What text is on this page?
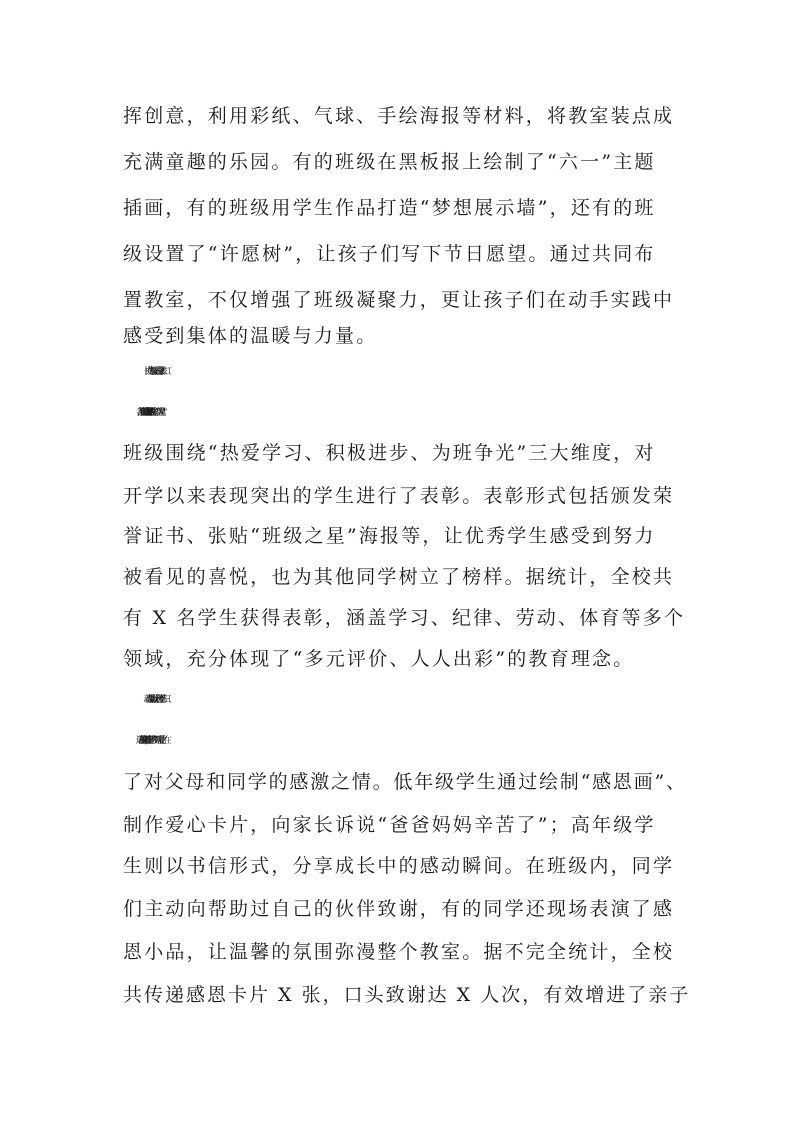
挥创意，利用彩纸、气球、手绘海报等材料，将教室装点成
充满童趣的乐园。有的班级在黑板报上绘制了“六一”主题
插画，有的班级用学生作品打造“梦想展示墙”，还有的班
级设置了“许愿树”，让孩子们写下节日愿望。通过共同布
置教室，不仅增强了班级凝聚力，更让孩子们在动手实践中
感受到集体的温暖与力量。
班级围绕“热爱学习、积极进步、为班争光”三大维度，对
开学以来表现突出的学生进行了表彰。表彰形式包括颁发荣
誉证书、张贴“班级之星”海报等，让优秀学生感受到努力
被看见的喜悦，也为其他同学树立了榜样。据统计，全校共
有 X 名学生获得表彰，涵盖学习、纪律、劳动、体育等多个
领域，充分体现了“多元评价、人人出彩”的教育理念。
了对父母和同学的感激之情。低年级学生通过绘制“感恩画”、
制作爱心卡片，向家长诉说“爸爸妈妈辛苦了”；高年级学
生则以书信形式，分享成长中的感动瞬间。在班级内，同学
们主动向帮助过自己的伙伴致谢，有的同学还现场表演了感
恩小品，让温馨的氛围弥漫整个教室。据不完全统计，全校
共传递感恩卡片 X 张，口头致谢达 X 人次，有效增进了亲子
